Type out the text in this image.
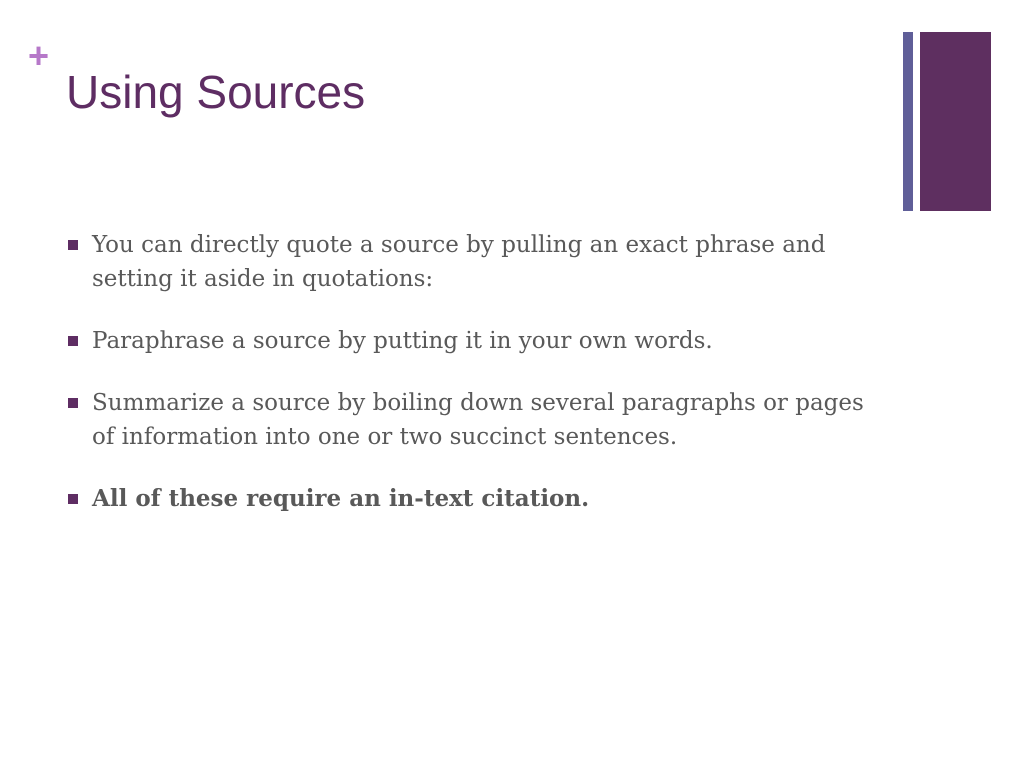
+
Using Sources
You can directly quote a source by pulling an exact phrase and setting it aside in quotations:
Paraphrase a source by putting it in your own words.
Summarize a source by boiling down several paragraphs or pages of information into one or two succinct sentences.
All of these require an in-text citation.
